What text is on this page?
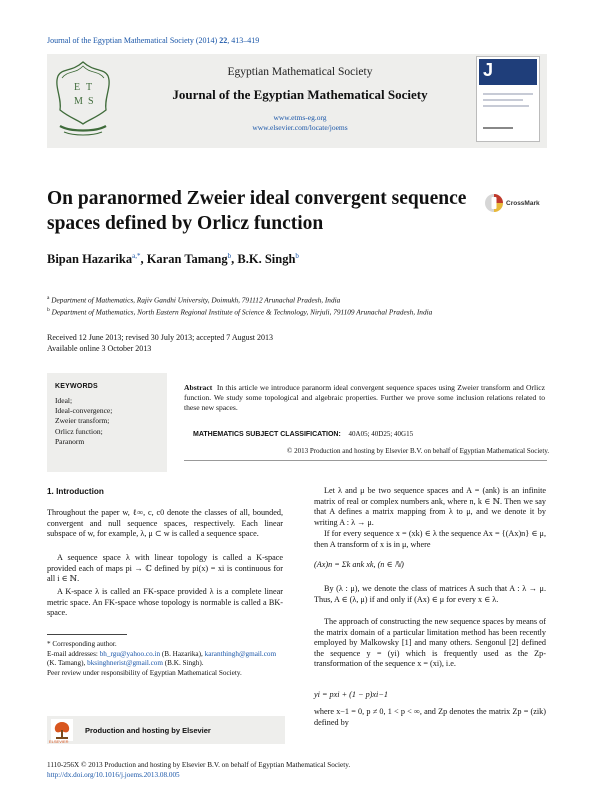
Journal of the Egyptian Mathematical Society (2014) 22, 413–419
E T
M S
Egyptian Mathematical Society
Journal of the Egyptian Mathematical Society
www.etms-eg.org
www.elsevier.com/locate/joems
J
On paranormed Zweier ideal convergent sequence
spaces defined by Orlicz function
CrossMark
Bipan Hazarika$^{a,*}$, Karan Tamang$^b$, B.K. Singh$^b$
$^a$ Department of Mathematics, Rajiv Gandhi University, Doimukh, 791112 Arunachal Pradesh, India
$^b$ Department of Mathematics, North Eastern Regional Institute of Science & Technology, Nirjuli, 791109 Arunachal Pradesh, India
Received 12 June 2013; revised 30 July 2013; accepted 7 August 2013
Available online 3 October 2013
KEYWORDS
Ideal;
Ideal-convergence;
Zweier transform;
Orlicz function;
Paranorm
Abstract In this article we introduce paranorm ideal convergent sequence spaces using Zweier transform and Orlicz function. We study some topological and algebraic properties. Further we prove some inclusion relations related to these new spaces.
MATHEMATICS SUBJECT CLASSIFICATION: 40A05; 40D25; 40G15
© 2013 Production and hosting by Elsevier B.V. on behalf of Egyptian Mathematical Society.
1. Introduction
Throughout the paper w, ℓ∞, c, c0 denote the classes of all, bounded, convergent and null sequence spaces, respectively. Each linear subspace of w, for example, λ, μ ⊂ w is called a sequence space.
A sequence space λ with linear topology is called a K-space provided each of maps pi → ℂ defined by pi(x) = xi is continuous for all i ∈ ℕ.
A K-space λ is called an FK-space provided λ is a complete linear metric space. An FK-space whose topology is normable is called a BK-space.
Let λ and μ be two sequence spaces and A = (ank) is an infinite matrix of real or complex numbers ank, where n, k ∈ ℕ. Then we say that A defines a matrix mapping from λ to μ, and we denote it by writing A : λ → μ.
If for every sequence x = (xk) ∈ λ the sequence Ax = {(Ax)n} ∈ μ, then A transform of x is in μ, where
(Ax)n = Σk ank xk, (n ∈ ℕ)
By (λ : μ), we denote the class of matrices A such that A : λ → μ. Thus, A ∈ (λ, μ) if and only if (Ax) ∈ μ for every x ∈ λ.
The approach of constructing the new sequence spaces by means of the matrix domain of a particular limitation method has been recently employed by Malkowsky [1] and many others. Sengonul [2] defined the sequence y = (yi) which is frequently used as the Zp-transformation of the sequence x = (xi), i.e.
yi = pxi + (1 − p)xi−1
where x−1 = 0, p ≠ 0, 1 < p < ∞, and Zp denotes the matrix Zp = (zik) defined by
* Corresponding author.
E-mail addresses: bh_rgu@yahoo.co.in (B. Hazarika), karanthingh@gmail.com (K. Tamang), bksinghnerist@gmail.com (B.K. Singh).
Peer review under responsibility of Egyptian Mathematical Society.
ELSEVIER
Production and hosting by Elsevier
1110-256X © 2013 Production and hosting by Elsevier B.V. on behalf of Egyptian Mathematical Society.
http://dx.doi.org/10.1016/j.joems.2013.08.005
